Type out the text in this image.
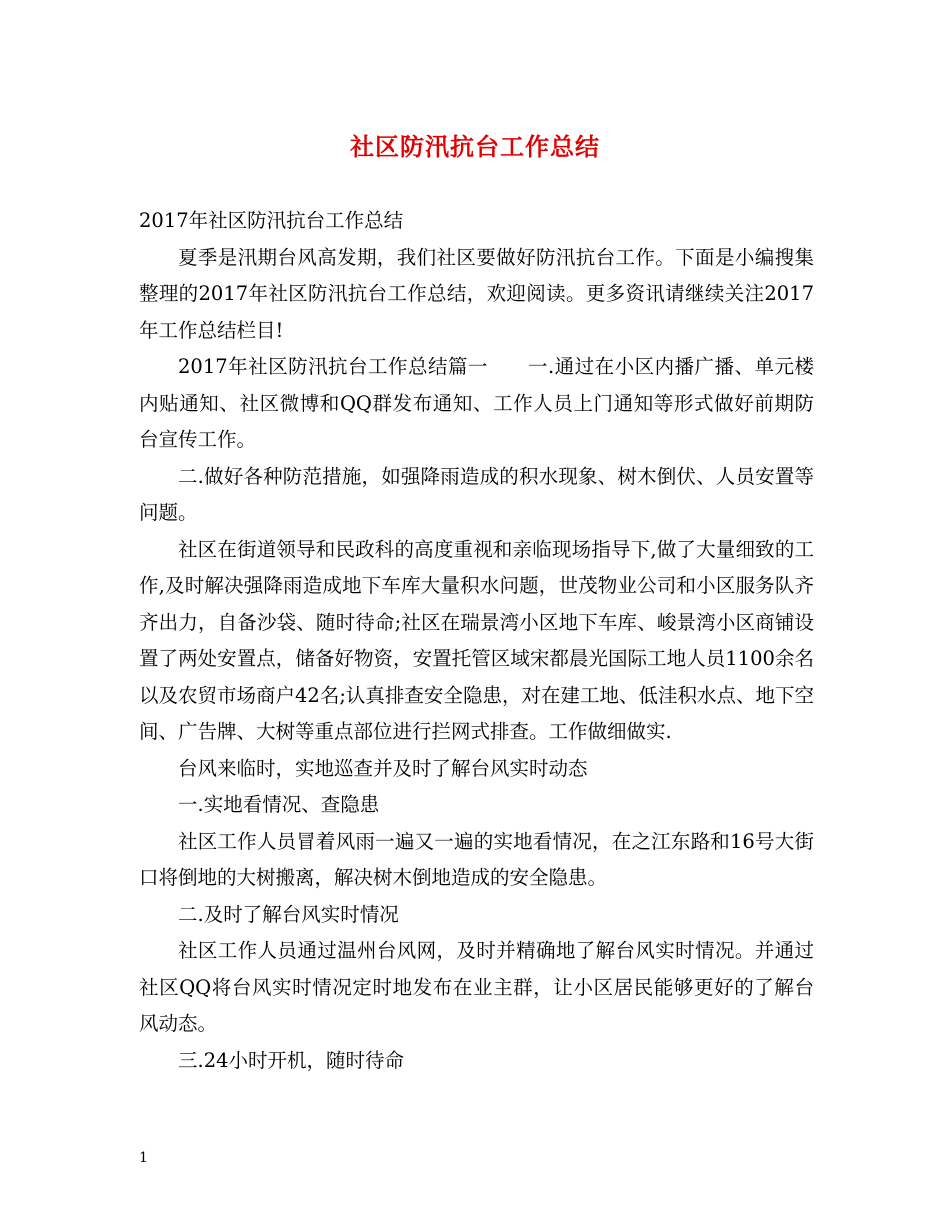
社区防汛抗台工作总结

2017年社区防汛抗台工作总结

夏季是汛期台风高发期，我们社区要做好防汛抗台工作。下面是小编搜集整理的2017年社区防汛抗台工作总结，欢迎阅读。更多资讯请继续关注2017年工作总结栏目!

2017年社区防汛抗台工作总结篇一　　一.通过在小区内播广播、单元楼内贴通知、社区微博和QQ群发布通知、工作人员上门通知等形式做好前期防台宣传工作。

二.做好各种防范措施，如强降雨造成的积水现象、树木倒伏、人员安置等问题。

社区在街道领导和民政科的高度重视和亲临现场指导下,做了大量细致的工作,及时解决强降雨造成地下车库大量积水问题，世茂物业公司和小区服务队齐齐出力，自备沙袋、随时待命;社区在瑞景湾小区地下车库、峻景湾小区商铺设置了两处安置点，储备好物资，安置托管区域宋都晨光国际工地人员1100余名以及农贸市场商户42名;认真排查安全隐患，对在建工地、低洼积水点、地下空间、广告牌、大树等重点部位进行拦网式排查。工作做细做实.

台风来临时，实地巡查并及时了解台风实时动态

一.实地看情况、查隐患

社区工作人员冒着风雨一遍又一遍的实地看情况，在之江东路和16号大街口将倒地的大树搬离，解决树木倒地造成的安全隐患。

二.及时了解台风实时情况

社区工作人员通过温州台风网，及时并精确地了解台风实时情况。并通过社区QQ将台风实时情况定时地发布在业主群，让小区居民能够更好的了解台风动态。

三.24小时开机，随时待命

1
